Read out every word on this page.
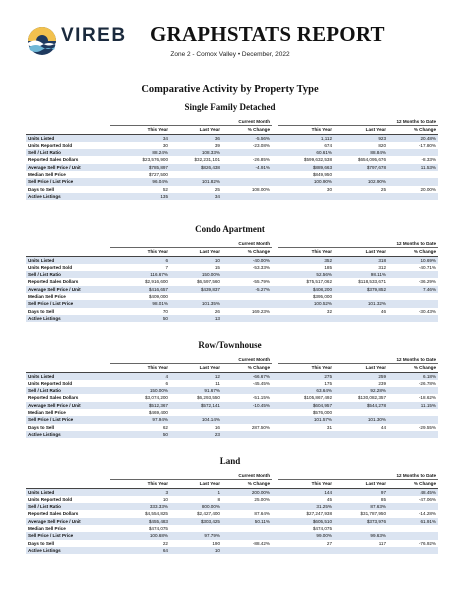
VIREB GRAPHSTATS REPORT
Zone 2 - Comox Valley • December, 2022
Comparative Activity by Property Type
Single Family Detached
	Current Month				12 Months to Date		
	This Year	Last Year	% Change		This Year	Last Year	% Change
Units Listed	34	36	-5.56%		1,112	923	20.48%
Units Reported Sold	30	39	-23.08%		674	820	-17.80%
Sell / List Ratio	88.24%	108.33%			60.61%	88.84%	
Reported Sales Dollars	$23,576,900	$32,231,101	-26.85%		$599,632,538	$654,095,676	-8.33%
Average Sell Price / Unit	$785,897	$826,438	-4.91%		$889,663	$797,678	11.53%
Median Sell Price	$727,500				$849,950		
Sell Price / List Price	96.04%	101.82%			100.90%	102.90%	
Days to Sell	52	25	108.00%		30	25	20.00%
Active Listings	135	34					
Condo Apartment
	Current Month				12 Months to Date		
	This Year	Last Year	% Change		This Year	Last Year	% Change
Units Listed	6	10	-40.00%		352	318	10.69%
Units Reported Sold	7	15	-53.33%		185	312	-40.71%
Sell / List Ratio	116.67%	150.00%			52.56%	98.11%	
Reported Sales Dollars	$2,916,600	$6,597,560	-55.79%		$75,517,062	$118,533,671	-36.29%
Average Sell Price / Unit	$416,657	$439,837	-5.27%		$408,200	$379,852	7.46%
Median Sell Price	$409,000				$395,000		
Sell Price / List Price	98.01%	101.35%			100.52%	101.32%	
Days to Sell	70	26	169.23%		32	46	-30.43%
Active Listings	50	13					
Row/Townhouse
	Current Month				12 Months to Date		
	This Year	Last Year	% Change		This Year	Last Year	% Change
Units Listed	4	12	-66.67%		275	259	6.18%
Units Reported Sold	6	11	-45.45%		175	239	-26.78%
Sell / List Ratio	150.00%	91.67%			63.64%	92.28%	
Reported Sales Dollars	$3,074,200	$6,293,550	-51.15%		$105,867,492	$130,082,357	-18.62%
Average Sell Price / Unit	$512,367	$572,141	-10.45%		$604,957	$544,278	11.15%
Median Sell Price	$469,400				$576,000		
Sell Price / List Price	97.94%	104.14%			101.57%	101.30%	
Days to Sell	62	16	287.50%		31	44	-29.55%
Active Listings	50	23					
Land
	Current Month				12 Months to Date		
	This Year	Last Year	% Change		This Year	Last Year	% Change
Units Listed	3	1	200.00%		144	97	48.45%
Units Reported Sold	10	8	25.00%		45	85	-47.06%
Sell / List Ratio	333.33%	800.00%			31.25%	87.63%	
Reported Sales Dollars	$4,554,825	$2,427,400	87.64%		$27,247,938	$31,787,950	-14.28%
Average Sell Price / Unit	$455,483	$303,425	50.11%		$605,510	$373,976	61.91%
Median Sell Price	$474,075				$474,075		
Sell Price / List Price	100.68%	97.79%			99.00%	99.63%	
Days to Sell	22	190	-88.42%		27	117	-76.92%
Active Listings	64	10					
